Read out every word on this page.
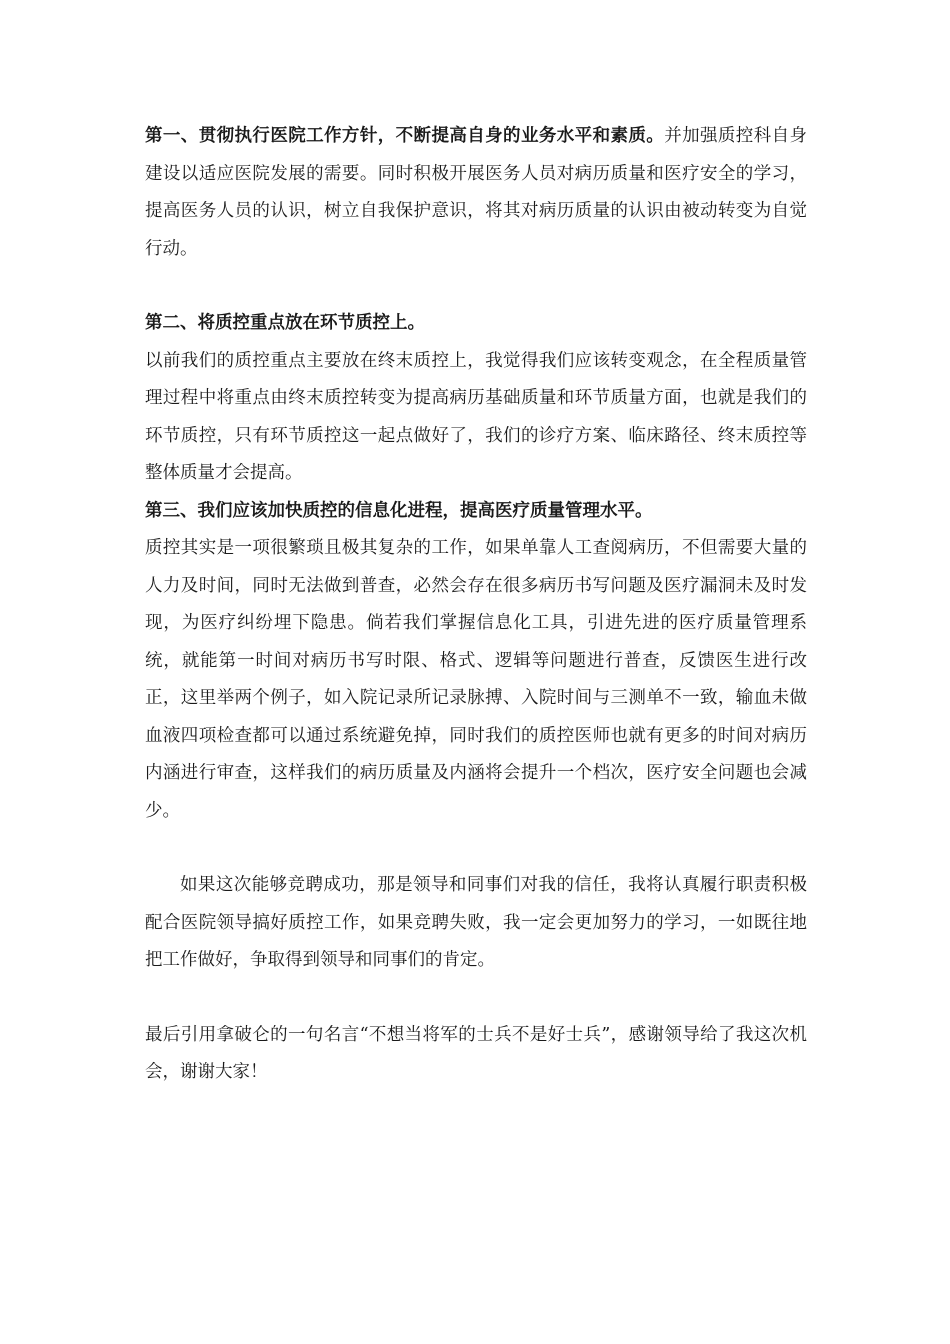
第一、贯彻执行医院工作方针，不断提高自身的业务水平和素质。并加强质控科自身建设以适应医院发展的需要。同时积极开展医务人员对病历质量和医疗安全的学习，提高医务人员的认识，树立自我保护意识，将其对病历质量的认识由被动转变为自觉行动。

第二、将质控重点放在环节质控上。

以前我们的质控重点主要放在终末质控上，我觉得我们应该转变观念，在全程质量管理过程中将重点由终末质控转变为提高病历基础质量和环节质量方面，也就是我们的环节质控，只有环节质控这一起点做好了，我们的诊疗方案、临床路径、终末质控等整体质量才会提高。

第三、我们应该加快质控的信息化进程，提高医疗质量管理水平。

质控其实是一项很繁琐且极其复杂的工作，如果单靠人工查阅病历，不但需要大量的人力及时间，同时无法做到普查，必然会存在很多病历书写问题及医疗漏洞未及时发现，为医疗纠纷埋下隐患。倘若我们掌握信息化工具，引进先进的医疗质量管理系统，就能第一时间对病历书写时限、格式、逻辑等问题进行普查，反馈医生进行改正，这里举两个例子，如入院记录所记录脉搏、入院时间与三测单不一致，输血未做血液四项检查都可以通过系统避免掉，同时我们的质控医师也就有更多的时间对病历内涵进行审查，这样我们的病历质量及内涵将会提升一个档次，医疗安全问题也会减少。

如果这次能够竞聘成功，那是领导和同事们对我的信任，我将认真履行职责积极配合医院领导搞好质控工作，如果竞聘失败，我一定会更加努力的学习，一如既往地把工作做好，争取得到领导和同事们的肯定。

最后引用拿破仑的一句名言“不想当将军的士兵不是好士兵”，感谢领导给了我这次机会，谢谢大家！
